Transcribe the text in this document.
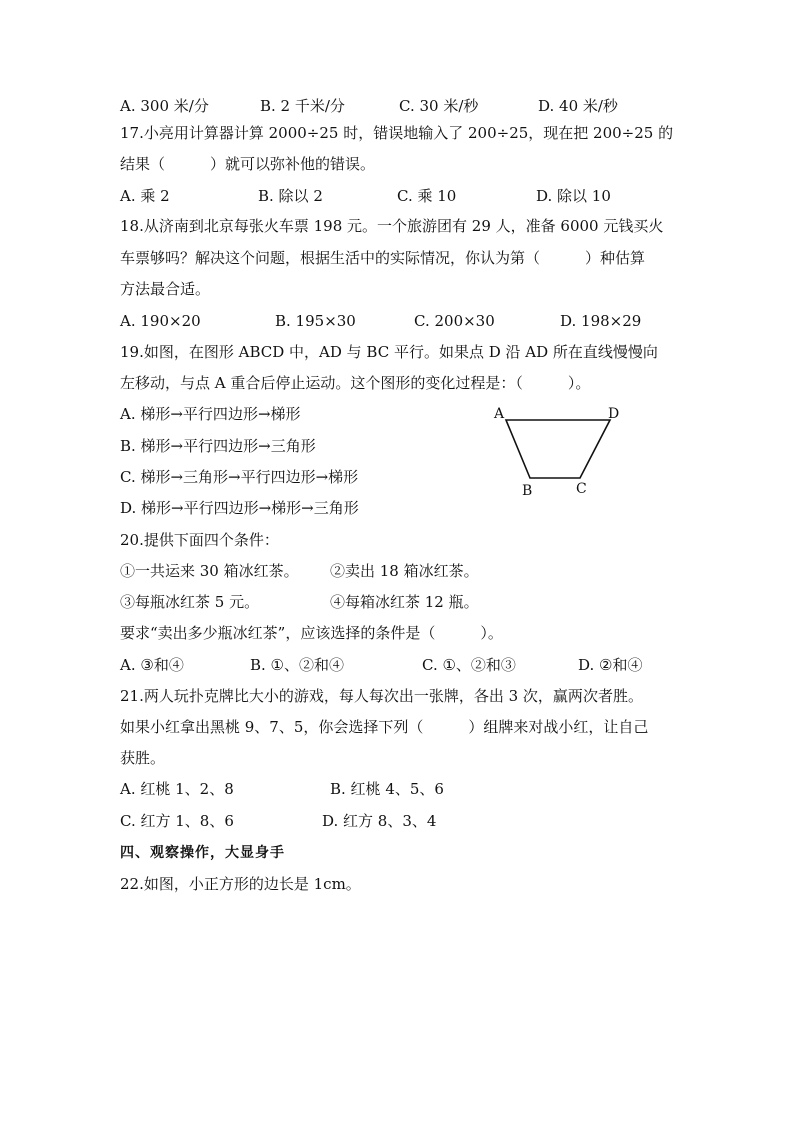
A. 300 米/分	B. 2 千米/分	C. 30 米/秒	D. 40 米/秒
17.小亮用计算器计算 2000÷25 时，错误地输入了 200÷25，现在把 200÷25 的
结果（　　　）就可以弥补他的错误。
A. 乘 2	B. 除以 2	C. 乘 10	D. 除以 10
18.从济南到北京每张火车票 198 元。一个旅游团有 29 人，准备 6000 元钱买火
车票够吗？解决这个问题，根据生活中的实际情况，你认为第（　　　）种估算
方法最合适。
A. 190×20	B. 195×30	C. 200×30	D. 198×29
19.如图，在图形 ABCD 中，AD 与 BC 平行。如果点 D 沿 AD 所在直线慢慢向
左移动，与点 A 重合后停止运动。这个图形的变化过程是：（　　　）。
A. 梯形→平行四边形→梯形
B. 梯形→平行四边形→三角形
C. 梯形→三角形→平行四边形→梯形
D. 梯形→平行四边形→梯形→三角形
A	D
B	C
20.提供下面四个条件：
①一共运来 30 箱冰红茶。 ②卖出 18 箱冰红茶。
③每瓶冰红茶 5 元。	④每箱冰红茶 12 瓶。
要求“卖出多少瓶冰红茶”，应该选择的条件是（　　　）。
A. ③和④	B. ①、②和④	C. ①、②和③	D. ②和④
21.两人玩扑克牌比大小的游戏，每人每次出一张牌，各出 3 次，赢两次者胜。
如果小红拿出黑桃 9、7、5，你会选择下列（　　　）组牌来对战小红，让自己
获胜。
A. 红桃 1、2、8	B. 红桃 4、5、6
C. 红方 1、8、6	D. 红方 8、3、4
四、观察操作，大显身手
22.如图，小正方形的边长是 1cm。
